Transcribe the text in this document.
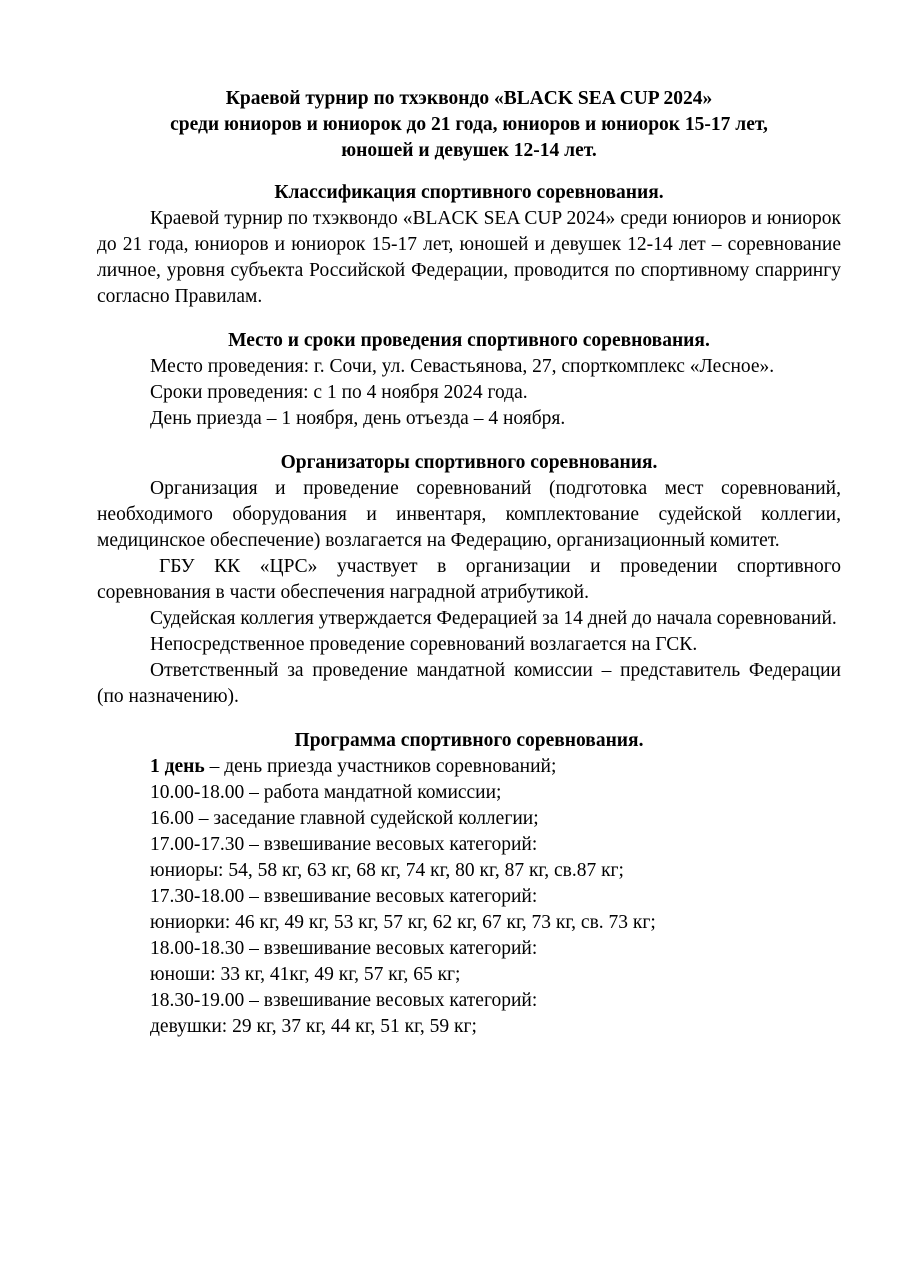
Краевой турнир по тхэквондо «BLACK SEA CUP 2024»
среди юниоров и юниорок до 21 года, юниоров и юниорок 15-17 лет,
юношей и девушек 12-14 лет.
Классификация спортивного соревнования.

Краевой турнир по тхэквондо «BLACK SEA CUP 2024» среди юниоров и юниорок до 21 года, юниоров и юниорок 15-17 лет, юношей и девушек 12-14 лет – соревнование личное, уровня субъекта Российской Федерации, проводится по спортивному спаррингу согласно Правилам.

Место и сроки проведения спортивного соревнования.

Место проведения: г. Сочи, ул. Севастьянова, 27, спорткомплекс «Лесное».

Сроки проведения: с 1 по 4 ноября 2024 года.

День приезда – 1 ноября, день отъезда – 4 ноября.

Организаторы спортивного соревнования.

Организация и проведение соревнований (подготовка мест соревнований, необходимого оборудования и инвентаря, комплектование судейской коллегии, медицинское обеспечение) возлагается на Федерацию, организационный комитет.

ГБУ КК «ЦРС» участвует в организации и проведении спортивного соревнования в части обеспечения наградной атрибутикой.

Судейская коллегия утверждается Федерацией за 14 дней до начала соревнований.

Непосредственное проведение соревнований возлагается на ГСК.

Ответственный за проведение мандатной комиссии – представитель Федерации (по назначению).

Программа спортивного соревнования.
1 день – день приезда участников соревнований;
10.00-18.00 – работа мандатной комиссии;
16.00 – заседание главной судейской коллегии;
17.00-17.30 – взвешивание весовых категорий:
юниоры: 54, 58 кг, 63 кг, 68 кг, 74 кг, 80 кг, 87 кг, св.87 кг;
17.30-18.00 – взвешивание весовых категорий:
юниорки: 46 кг, 49 кг, 53 кг, 57 кг, 62 кг, 67 кг, 73 кг, св. 73 кг;
18.00-18.30 – взвешивание весовых категорий:
юноши: 33 кг, 41кг, 49 кг, 57 кг, 65 кг;
18.30-19.00 – взвешивание весовых категорий:
девушки: 29 кг, 37 кг, 44 кг, 51 кг, 59 кг;
